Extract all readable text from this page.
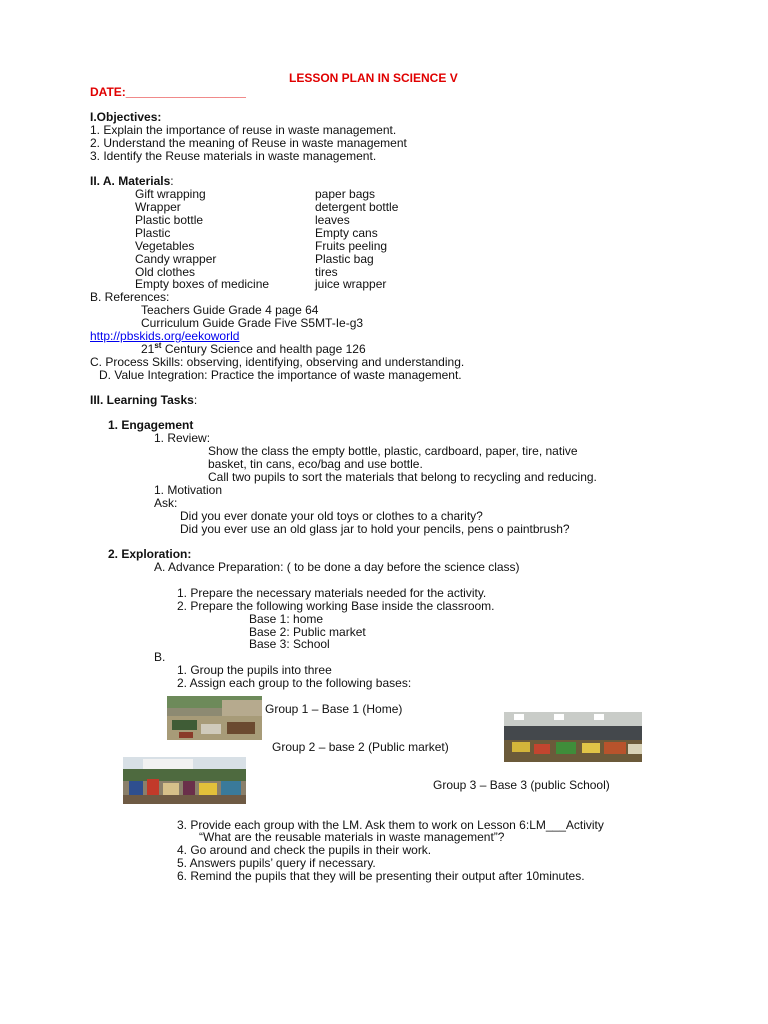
LESSON PLAN IN SCIENCE V
DATE:__________________
I.Objectives:
1. Explain the importance of reuse in waste management.
2. Understand the meaning of Reuse in waste management
3. Identify the Reuse materials in waste management.
II. A. Materials:
Gift wrapping	paper bags
Wrapper	detergent bottle
Plastic bottle	leaves
Plastic	Empty cans
Vegetables	Fruits peeling
Candy wrapper	Plastic bag
Old clothes	tires
Empty boxes of medicine	juice wrapper
B. References:
Teachers Guide Grade 4 page 64
Curriculum Guide Grade Five S5MT-Ie-g3
http://pbskids.org/eekoworld
21st Century Science and health page 126
C. Process Skills: observing, identifying, observing and understanding.
D. Value Integration: Practice the importance of waste management.
III. Learning Tasks:
1. Engagement
1. Review:
Show the class the empty bottle, plastic, cardboard, paper, tire, native
basket, tin cans, eco/bag and use bottle.
Call two pupils to sort the materials that belong to recycling and reducing.
1. Motivation
Ask:
Did you ever donate your old toys or clothes to a charity?
Did you ever use an old glass jar to hold your pencils, pens o paintbrush?
2. Exploration:
A. Advance Preparation: ( to be done a day before the science class)
1. Prepare the necessary materials needed for the activity.
2. Prepare the following working Base inside the classroom.
Base 1: home
Base 2: Public market
Base 3: School
B.
1. Group the pupils into three
2. Assign each group to the following bases:
Group 1 – Base 1 (Home)
Group 2 – base 2 (Public market)
Group 3 – Base 3 (public School)
3. Provide each group with the LM. Ask them to work on Lesson 6:LM___Activity
“What are the reusable materials in waste management”?
4. Go around and check the pupils in their work.
5. Answers pupils’ query if necessary.
6. Remind the pupils that they will be presenting their output after 10minutes.
